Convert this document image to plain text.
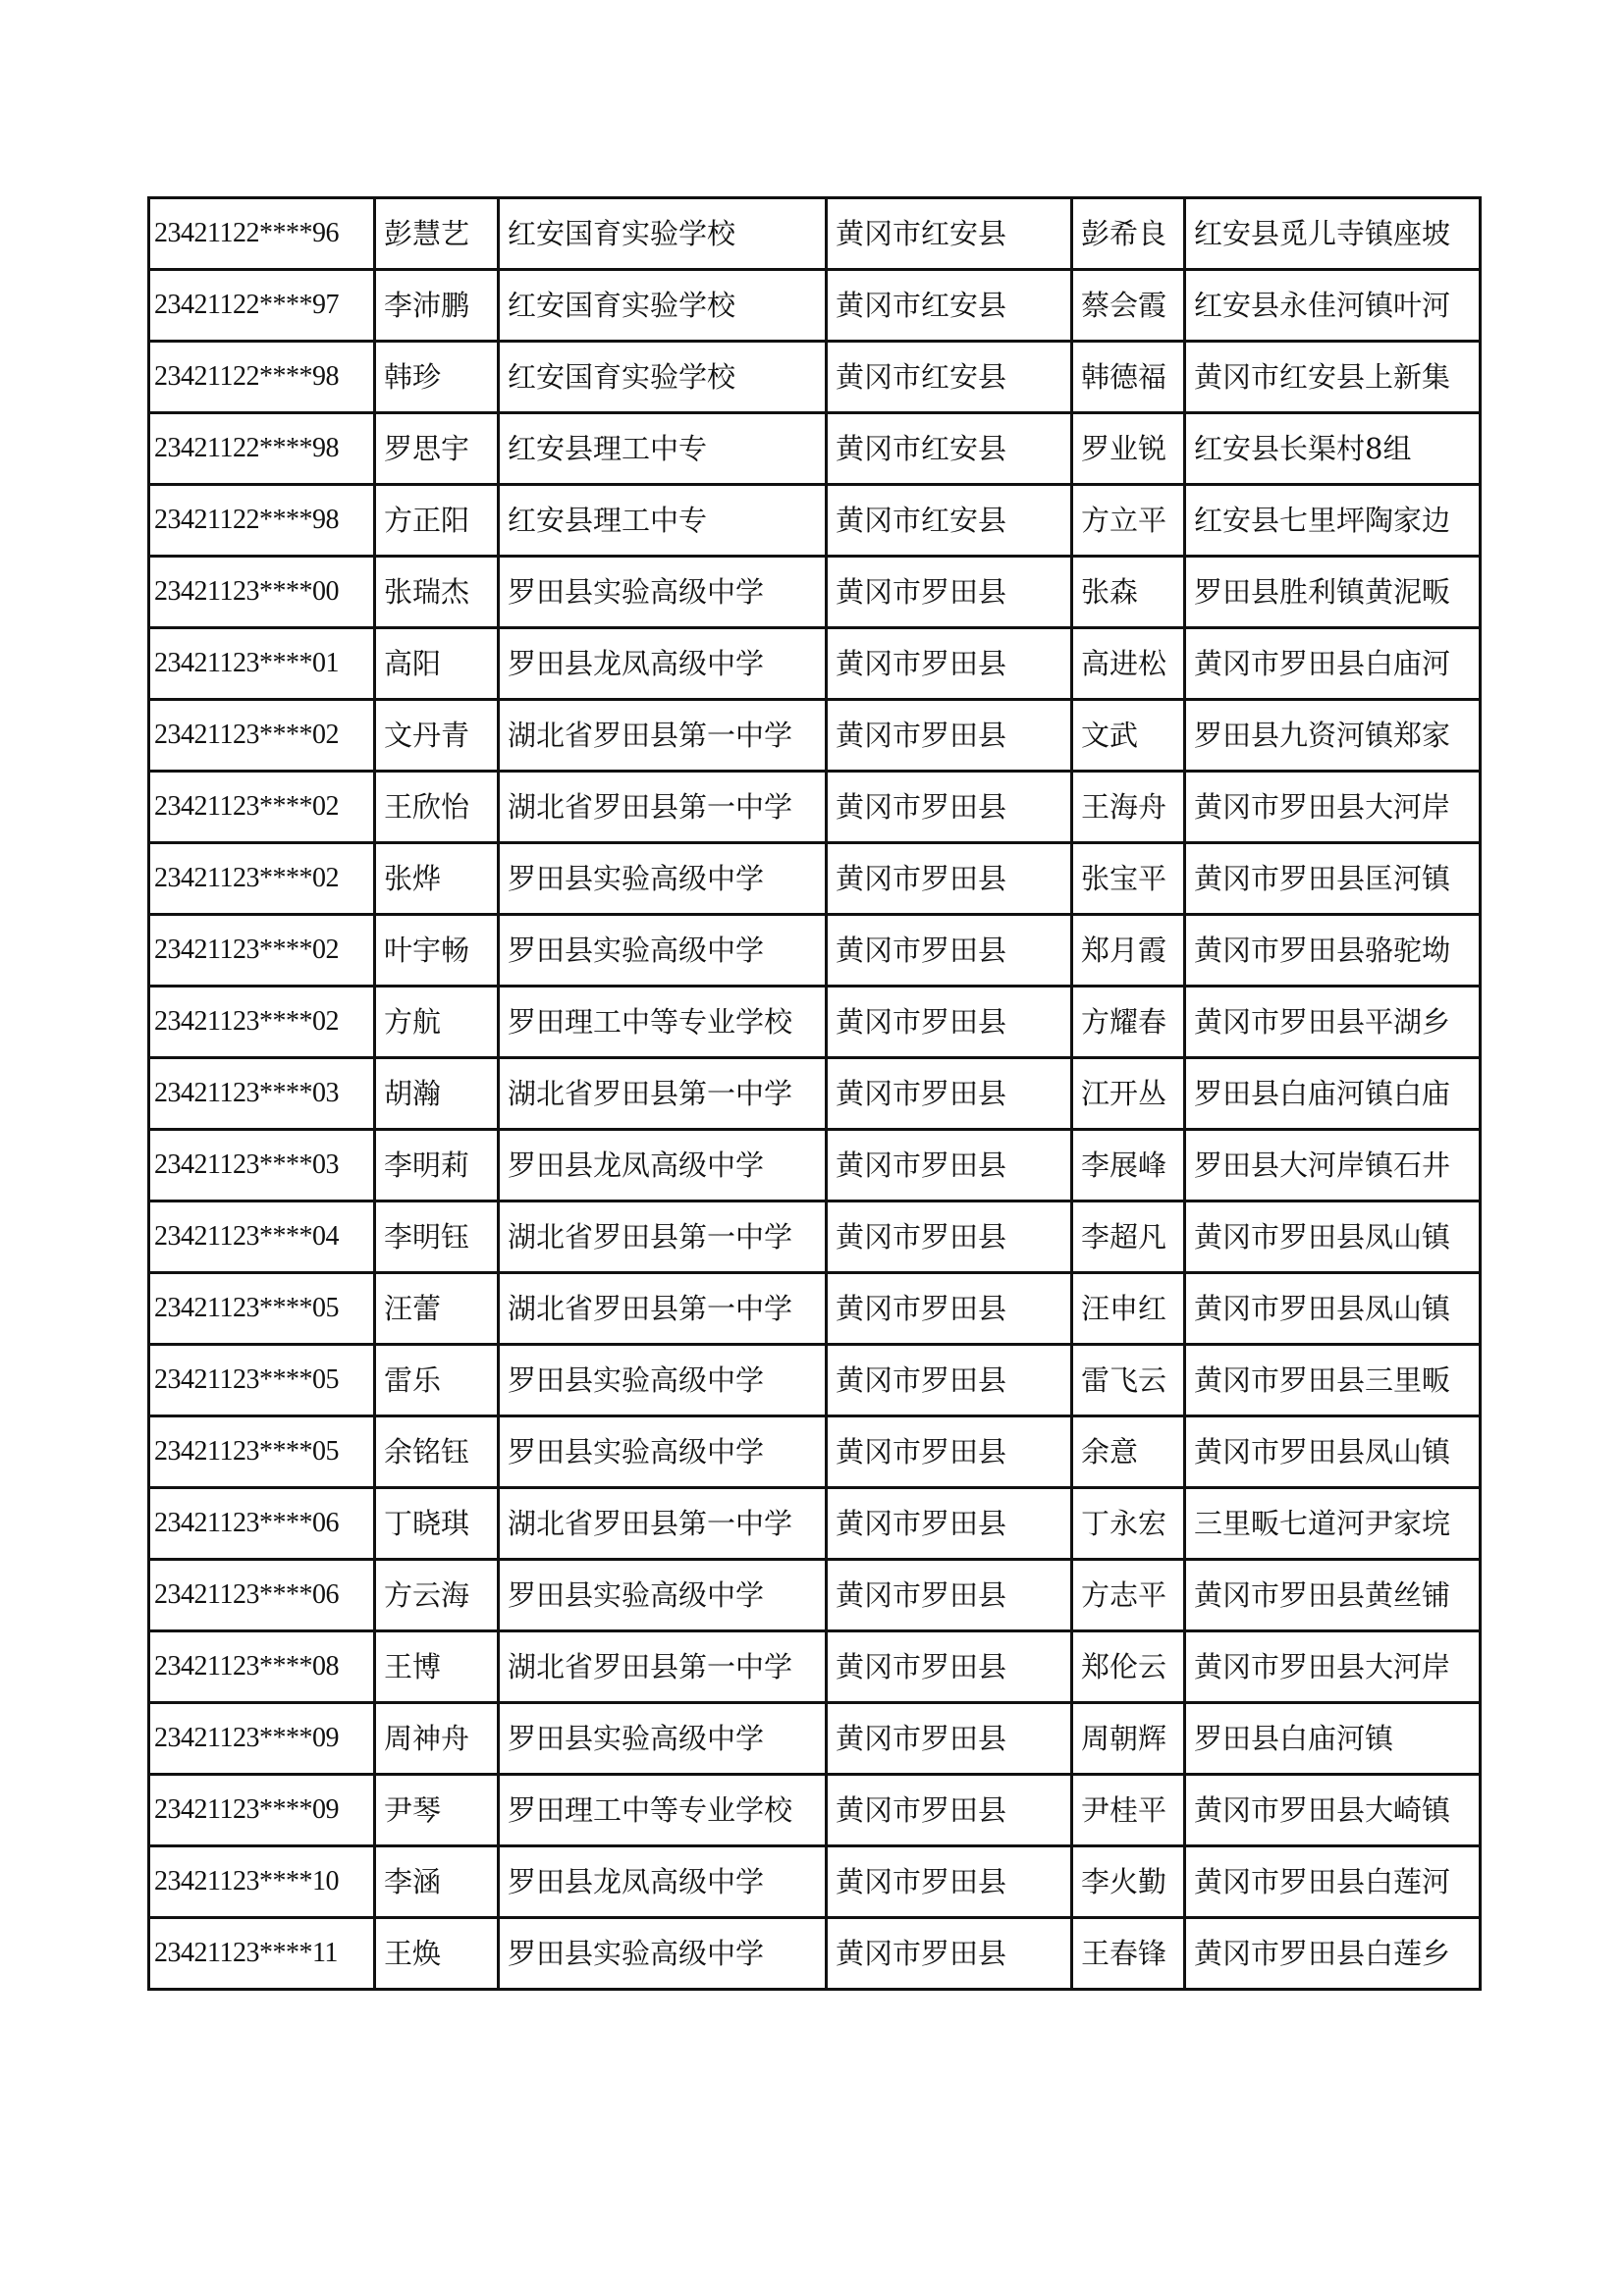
23421122****96	彭慧艺	红安国育实验学校	黄冈市红安县	彭希良	红安县觅儿寺镇座坡
23421122****97	李沛鹏	红安国育实验学校	黄冈市红安县	蔡会霞	红安县永佳河镇叶河
23421122****98	韩珍	红安国育实验学校	黄冈市红安县	韩德福	黄冈市红安县上新集
23421122****98	罗思宇	红安县理工中专	黄冈市红安县	罗业锐	红安县长渠村8组
23421122****98	方正阳	红安县理工中专	黄冈市红安县	方立平	红安县七里坪陶家边
23421123****00	张瑞杰	罗田县实验高级中学	黄冈市罗田县	张森	罗田县胜利镇黄泥畈
23421123****01	高阳	罗田县龙凤高级中学	黄冈市罗田县	高进松	黄冈市罗田县白庙河
23421123****02	文丹青	湖北省罗田县第一中学	黄冈市罗田县	文武	罗田县九资河镇郑家
23421123****02	王欣怡	湖北省罗田县第一中学	黄冈市罗田县	王海舟	黄冈市罗田县大河岸
23421123****02	张烨	罗田县实验高级中学	黄冈市罗田县	张宝平	黄冈市罗田县匡河镇
23421123****02	叶宇畅	罗田县实验高级中学	黄冈市罗田县	郑月霞	黄冈市罗田县骆驼坳
23421123****02	方航	罗田理工中等专业学校	黄冈市罗田县	方耀春	黄冈市罗田县平湖乡
23421123****03	胡瀚	湖北省罗田县第一中学	黄冈市罗田县	江开丛	罗田县白庙河镇白庙
23421123****03	李明莉	罗田县龙凤高级中学	黄冈市罗田县	李展峰	罗田县大河岸镇石井
23421123****04	李明钰	湖北省罗田县第一中学	黄冈市罗田县	李超凡	黄冈市罗田县凤山镇
23421123****05	汪蕾	湖北省罗田县第一中学	黄冈市罗田县	汪申红	黄冈市罗田县凤山镇
23421123****05	雷乐	罗田县实验高级中学	黄冈市罗田县	雷飞云	黄冈市罗田县三里畈
23421123****05	余铭钰	罗田县实验高级中学	黄冈市罗田县	余意	黄冈市罗田县凤山镇
23421123****06	丁晓琪	湖北省罗田县第一中学	黄冈市罗田县	丁永宏	三里畈七道河尹家垸
23421123****06	方云海	罗田县实验高级中学	黄冈市罗田县	方志平	黄冈市罗田县黄丝铺
23421123****08	王博	湖北省罗田县第一中学	黄冈市罗田县	郑伦云	黄冈市罗田县大河岸
23421123****09	周神舟	罗田县实验高级中学	黄冈市罗田县	周朝辉	罗田县白庙河镇
23421123****09	尹琴	罗田理工中等专业学校	黄冈市罗田县	尹桂平	黄冈市罗田县大崎镇
23421123****10	李涵	罗田县龙凤高级中学	黄冈市罗田县	李火勤	黄冈市罗田县白莲河
23421123****11	王焕	罗田县实验高级中学	黄冈市罗田县	王春锋	黄冈市罗田县白莲乡
